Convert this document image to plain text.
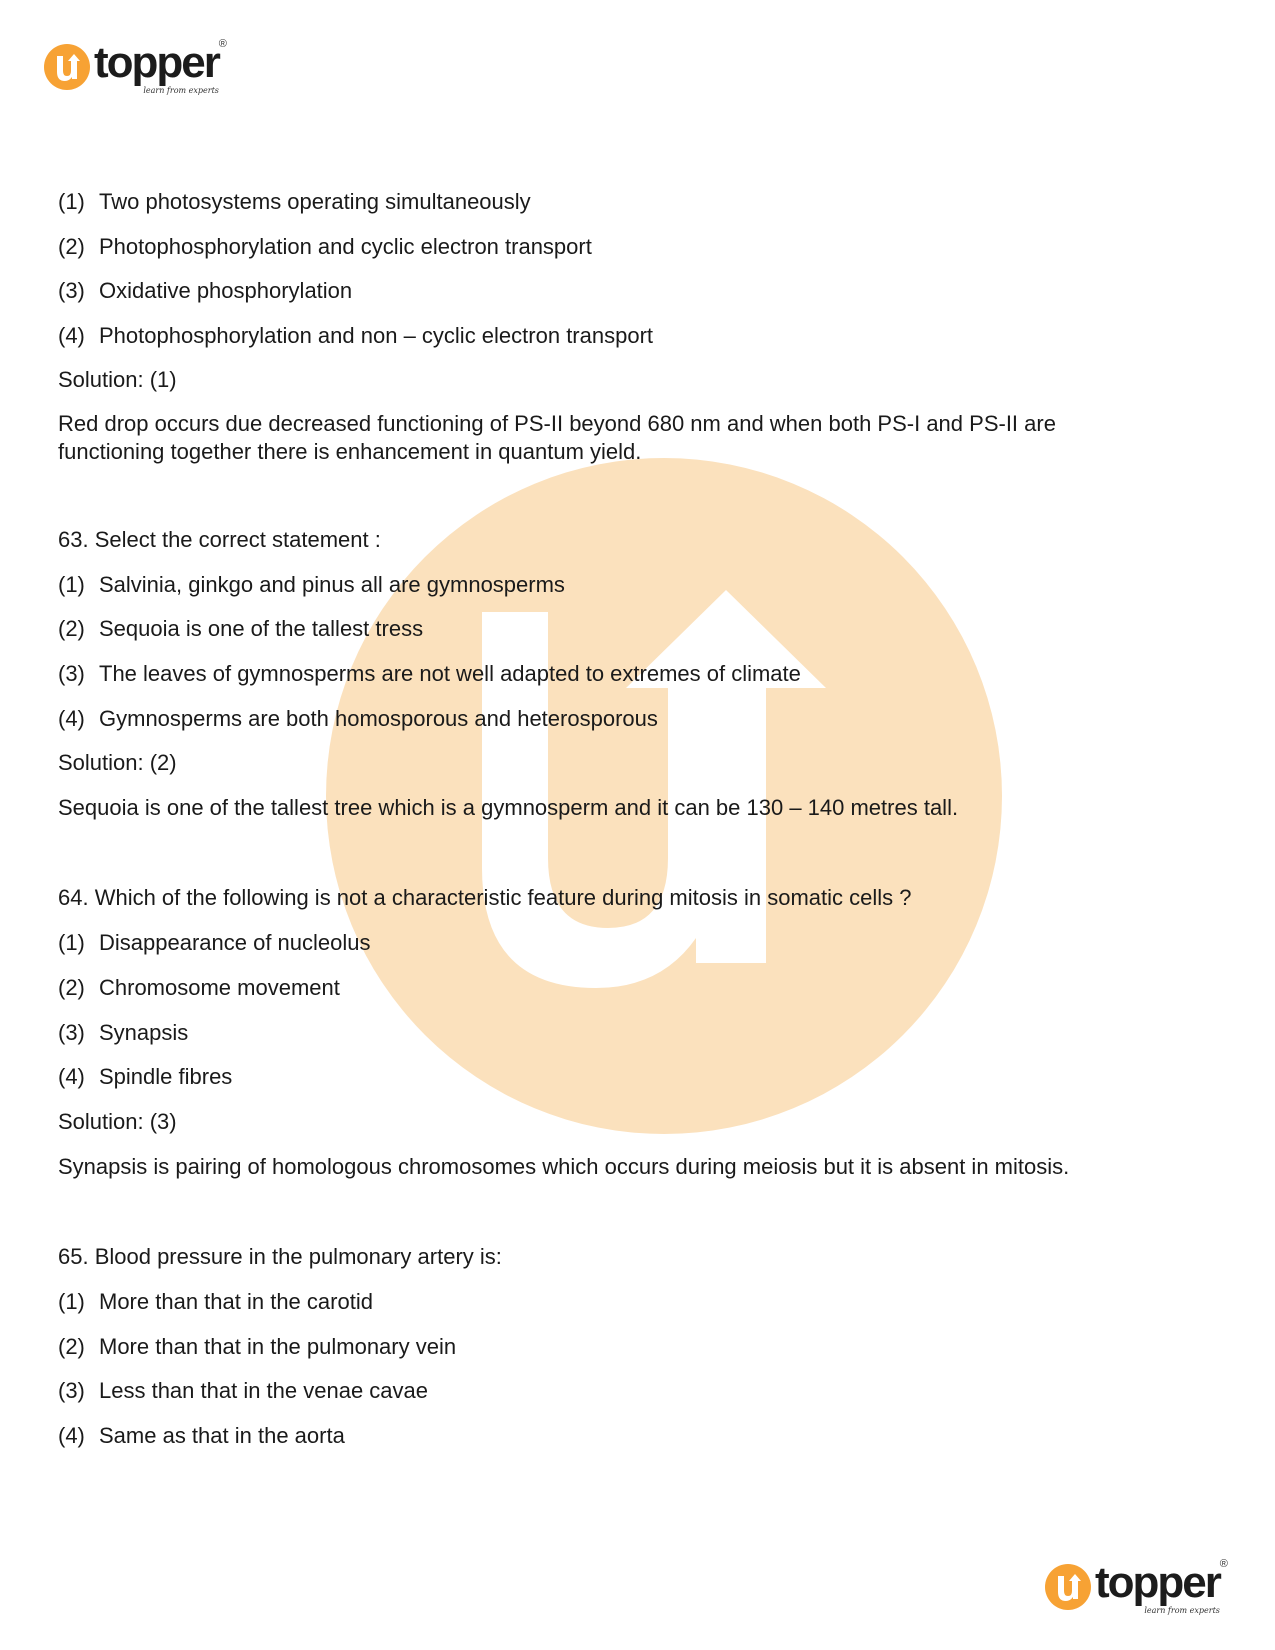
topper ®
learn from experts
(1) Two photosystems operating simultaneously
(2) Photophosphorylation and cyclic electron transport
(3) Oxidative phosphorylation
(4) Photophosphorylation and non – cyclic electron transport
Solution: (1)
Red drop occurs due decreased functioning of PS-II beyond 680 nm and when both PS-I and PS-II are functioning together there is enhancement in quantum yield.
63. Select the correct statement :
(1) Salvinia, ginkgo and pinus all are gymnosperms
(2) Sequoia is one of the tallest tress
(3) The leaves of gymnosperms are not well adapted to extremes of climate
(4) Gymnosperms are both homosporous and heterosporous
Solution: (2)
Sequoia is one of the tallest tree which is a gymnosperm and it can be 130 – 140 metres tall.
64. Which of the following is not a characteristic feature during mitosis in somatic cells ?
(1) Disappearance of nucleolus
(2) Chromosome movement
(3) Synapsis
(4) Spindle fibres
Solution: (3)
Synapsis is pairing of homologous chromosomes which occurs during meiosis but it is absent in mitosis.
65. Blood pressure in the pulmonary artery is:
(1) More than that in the carotid
(2) More than that in the pulmonary vein
(3) Less than that in the venae cavae
(4) Same as that in the aorta
topper ®
learn from experts
